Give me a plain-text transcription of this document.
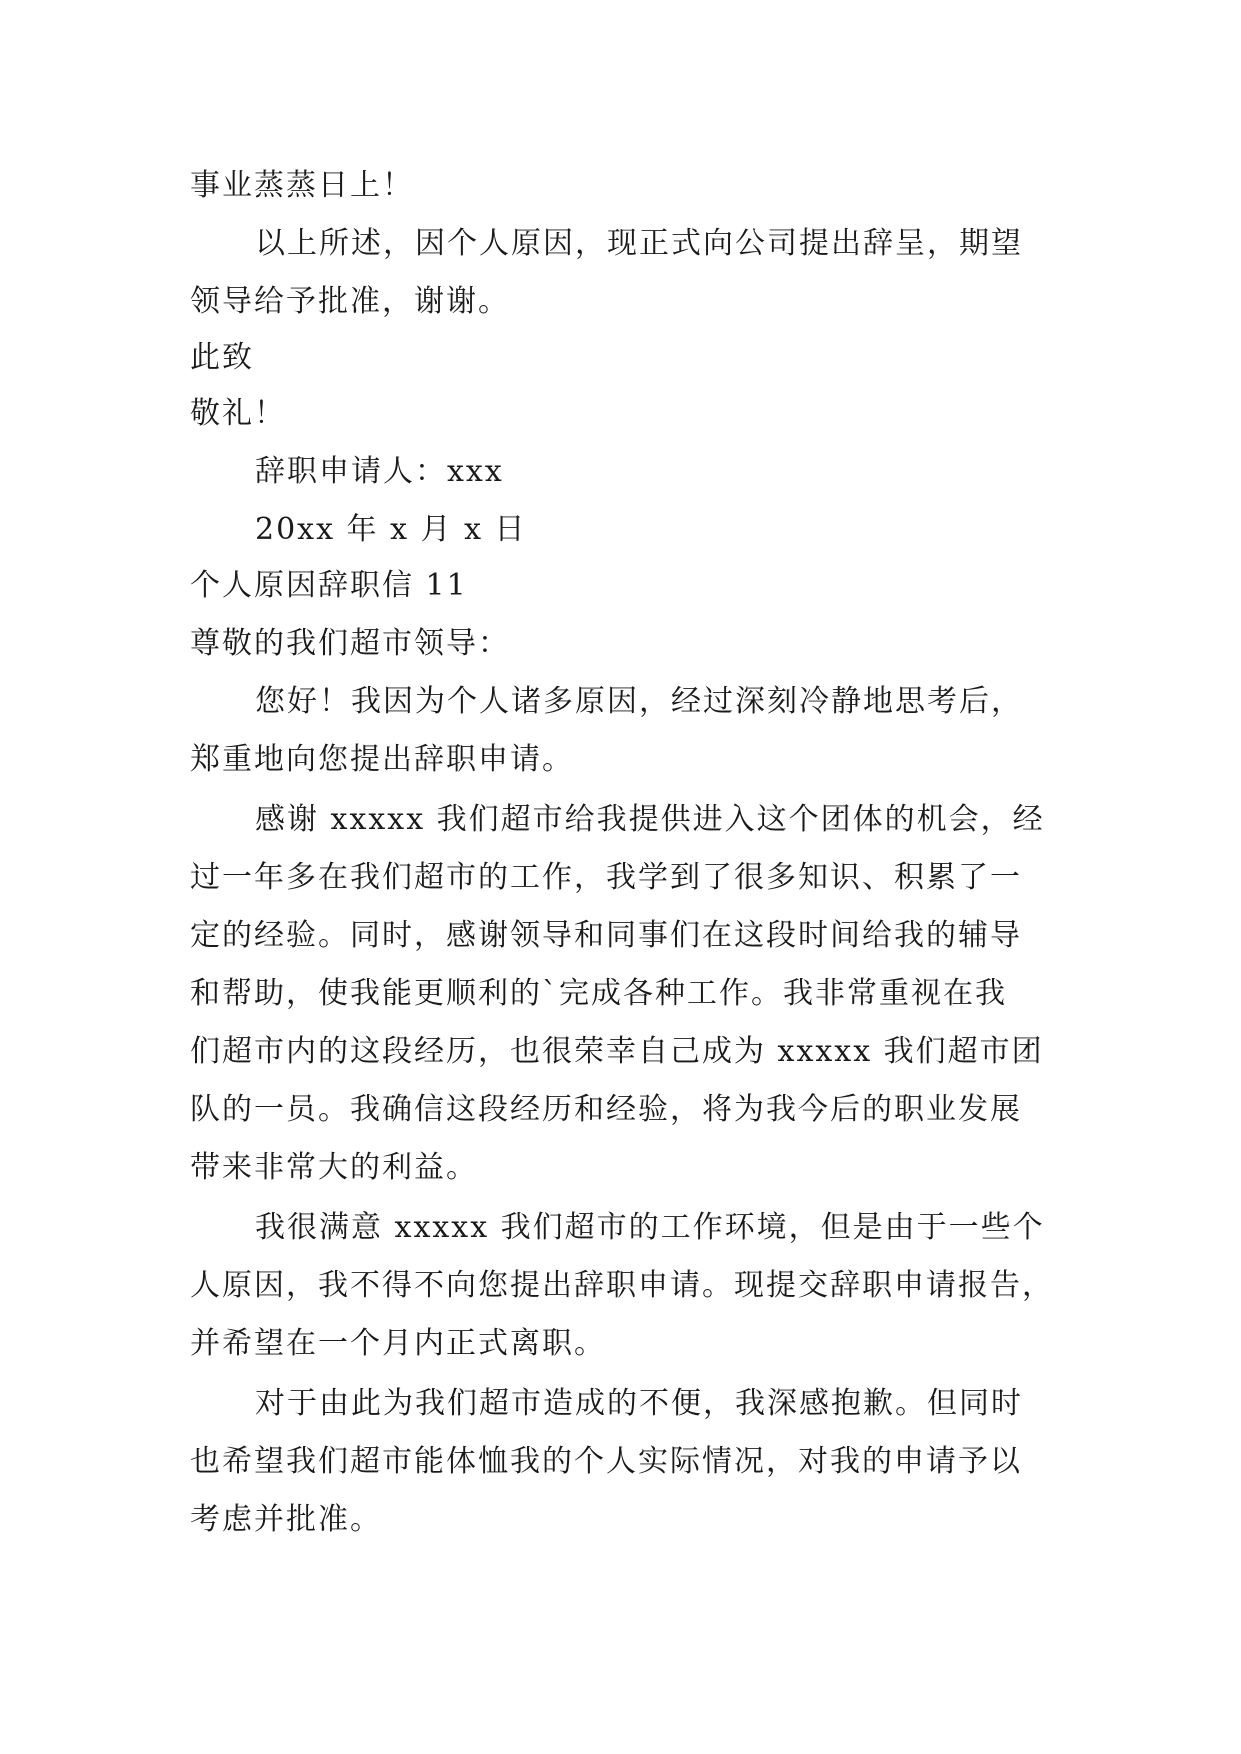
事业蒸蒸日上！
以上所述，因个人原因，现正式向公司提出辞呈，期望
领导给予批准，谢谢。
此致
敬礼！
辞职申请人：xxx
20xx 年 x 月 x 日
个人原因辞职信 11
尊敬的我们超市领导：
您好！我因为个人诸多原因，经过深刻冷静地思考后，
郑重地向您提出辞职申请。
感谢 xxxxx 我们超市给我提供进入这个团体的机会，经
过一年多在我们超市的工作，我学到了很多知识、积累了一
定的经验。同时，感谢领导和同事们在这段时间给我的辅导
和帮助，使我能更顺利的`完成各种工作。我非常重视在我
们超市内的这段经历，也很荣幸自己成为 xxxxx 我们超市团
队的一员。我确信这段经历和经验，将为我今后的职业发展
带来非常大的利益。
我很满意 xxxxx 我们超市的工作环境，但是由于一些个
人原因，我不得不向您提出辞职申请。现提交辞职申请报告，
并希望在一个月内正式离职。
对于由此为我们超市造成的不便，我深感抱歉。但同时
也希望我们超市能体恤我的个人实际情况，对我的申请予以
考虑并批准。
